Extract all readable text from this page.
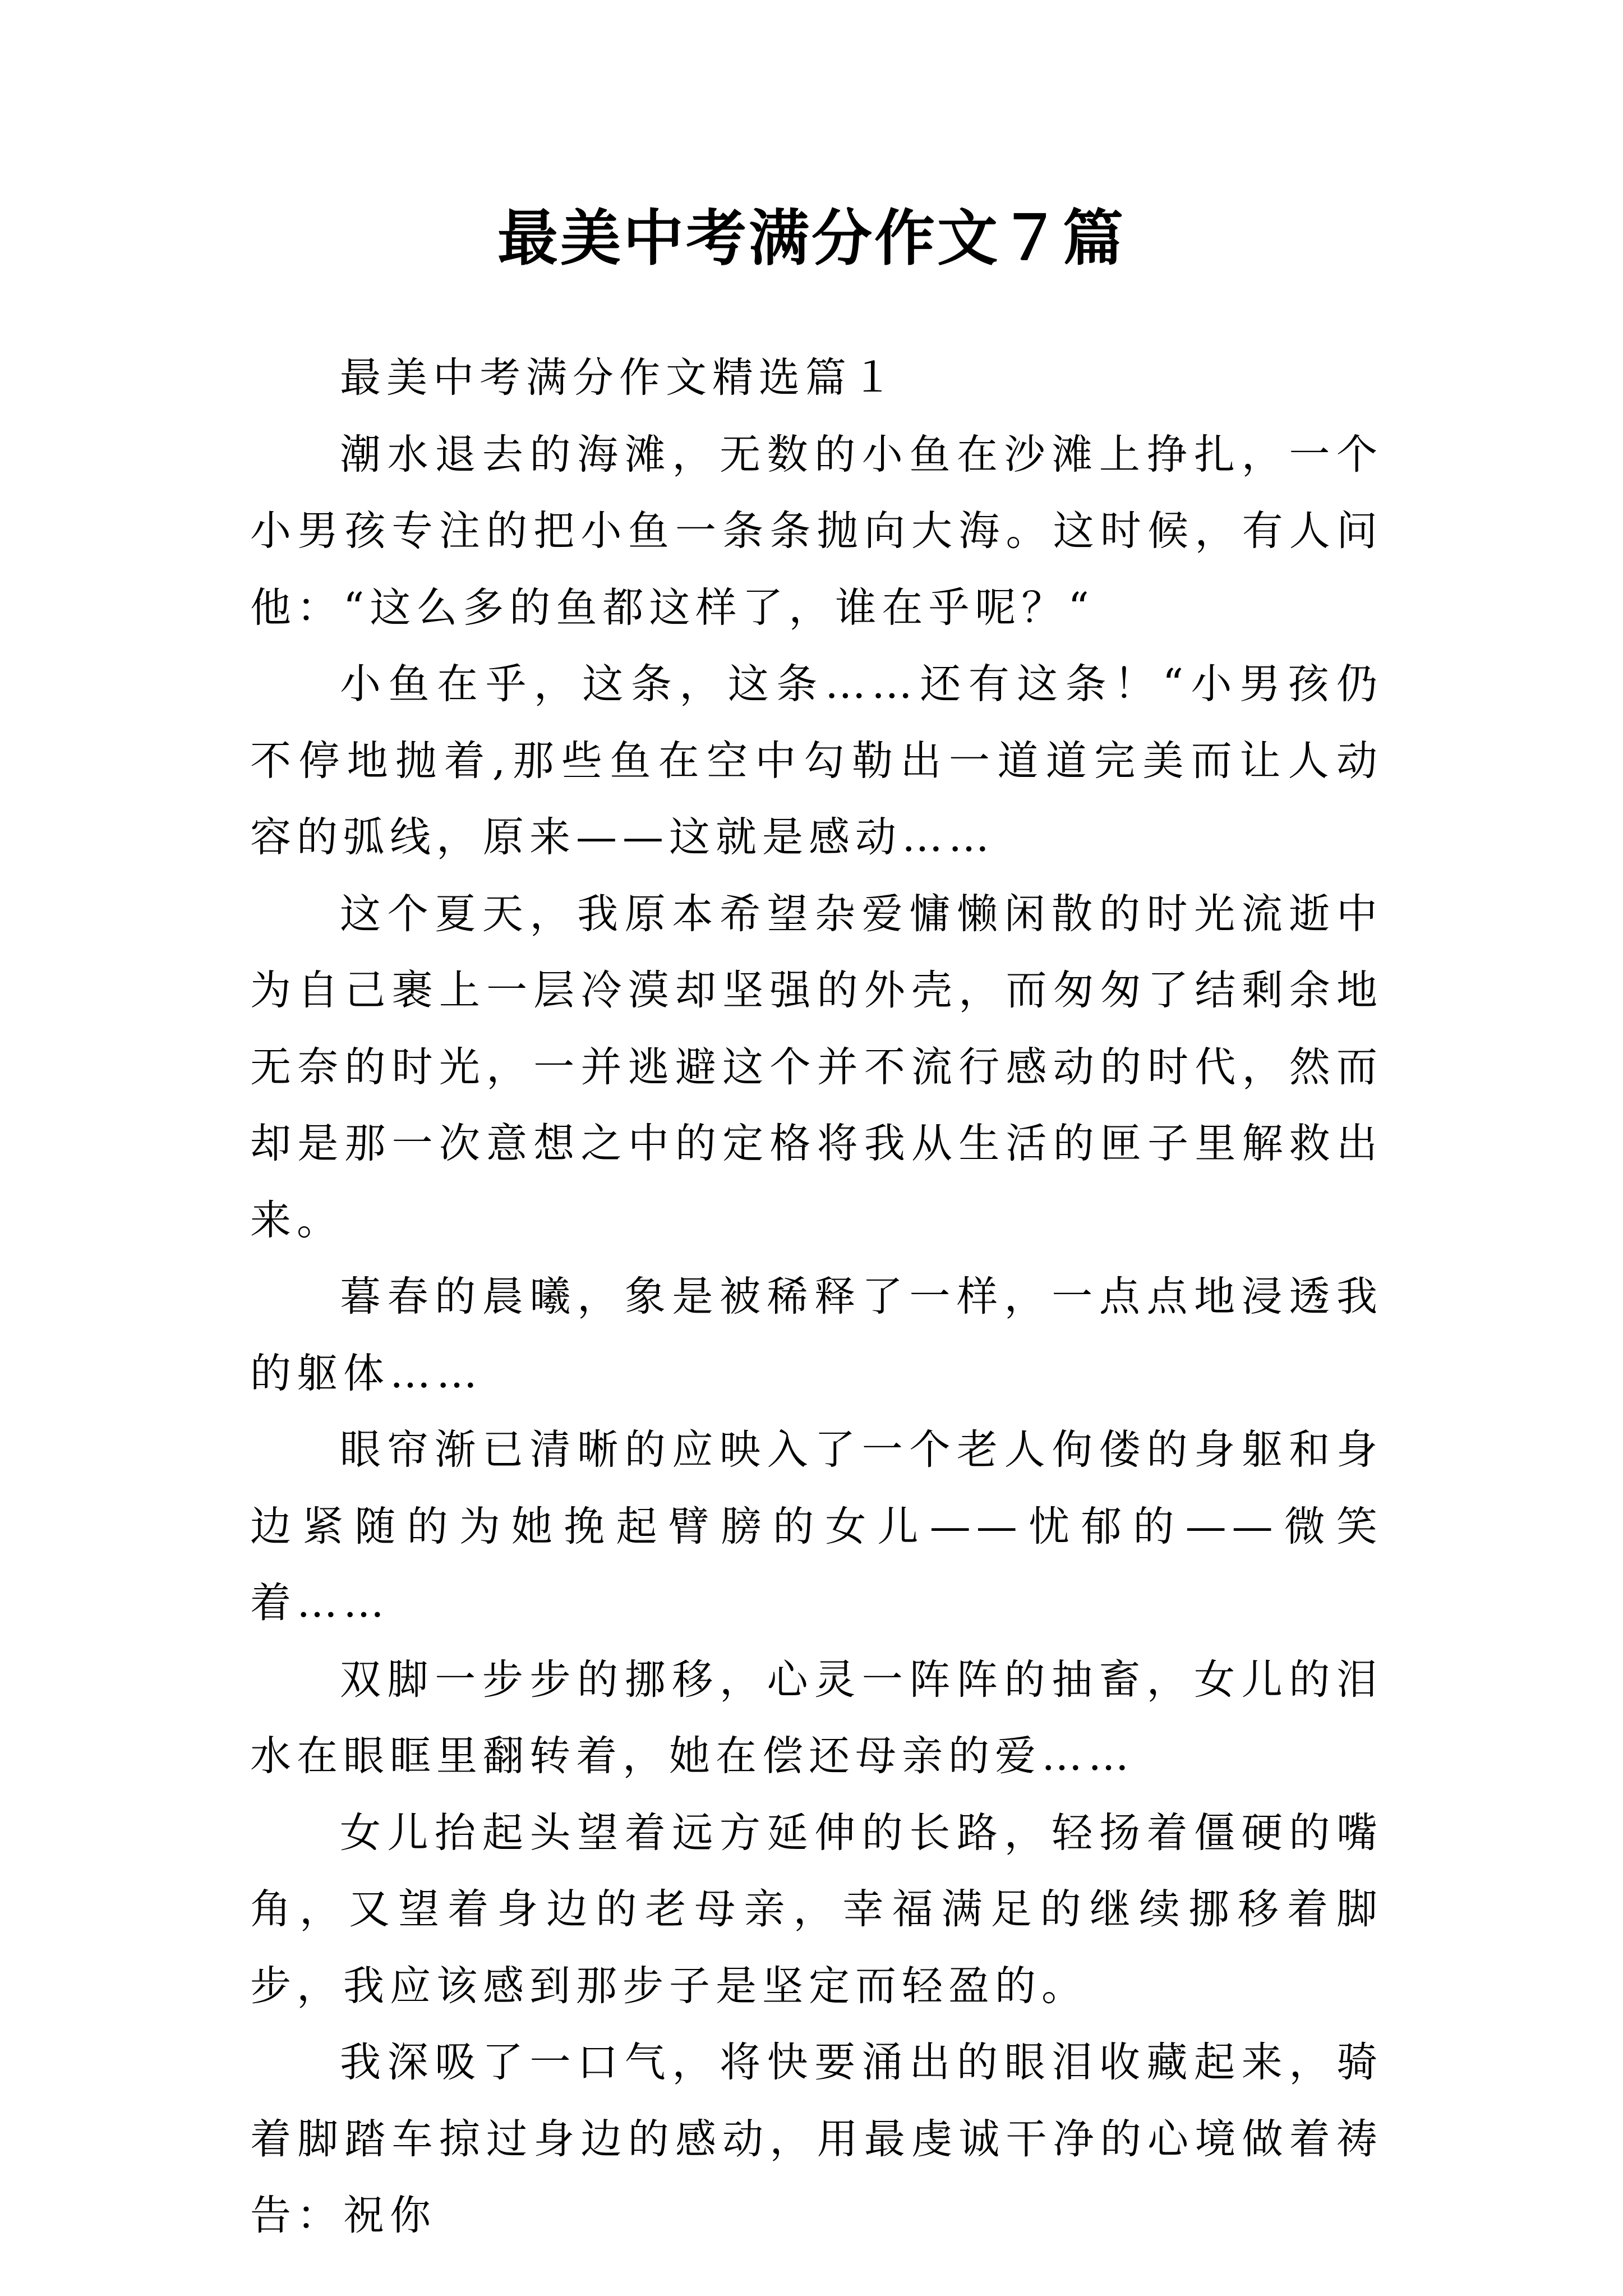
最美中考满分作文７篇

最美中考满分作文精选篇１

潮水退去的海滩，无数的小鱼在沙滩上挣扎，一个小男孩专注的把小鱼一条条抛向大海。这时候，有人问他：“这么多的鱼都这样了，谁在乎呢？“

小鱼在乎，这条，这条……还有这条！“小男孩仍不停地抛着,那些鱼在空中勾勒出一道道完美而让人动容的弧线，原来——这就是感动……

这个夏天，我原本希望杂爱慵懒闲散的时光流逝中为自己裹上一层冷漠却坚强的外壳，而匆匆了结剩余地无奈的时光，一并逃避这个并不流行感动的时代，然而却是那一次意想之中的定格将我从生活的匣子里解救出来。

暮春的晨曦，象是被稀释了一样，一点点地浸透我的躯体……

眼帘渐已清晰的应映入了一个老人佝偻的身躯和身边紧随的为她挽起臂膀的女儿——忧郁的——微笑着……

双脚一步步的挪移，心灵一阵阵的抽畜，女儿的泪水在眼眶里翻转着，她在偿还母亲的爱……

女儿抬起头望着远方延伸的长路，轻扬着僵硬的嘴角，又望着身边的老母亲，幸福满足的继续挪移着脚步，我应该感到那步子是坚定而轻盈的。

我深吸了一口气，将快要涌出的眼泪收藏起来，骑着脚踏车掠过身边的感动，用最虔诚干净的心境做着祷告：祝你
